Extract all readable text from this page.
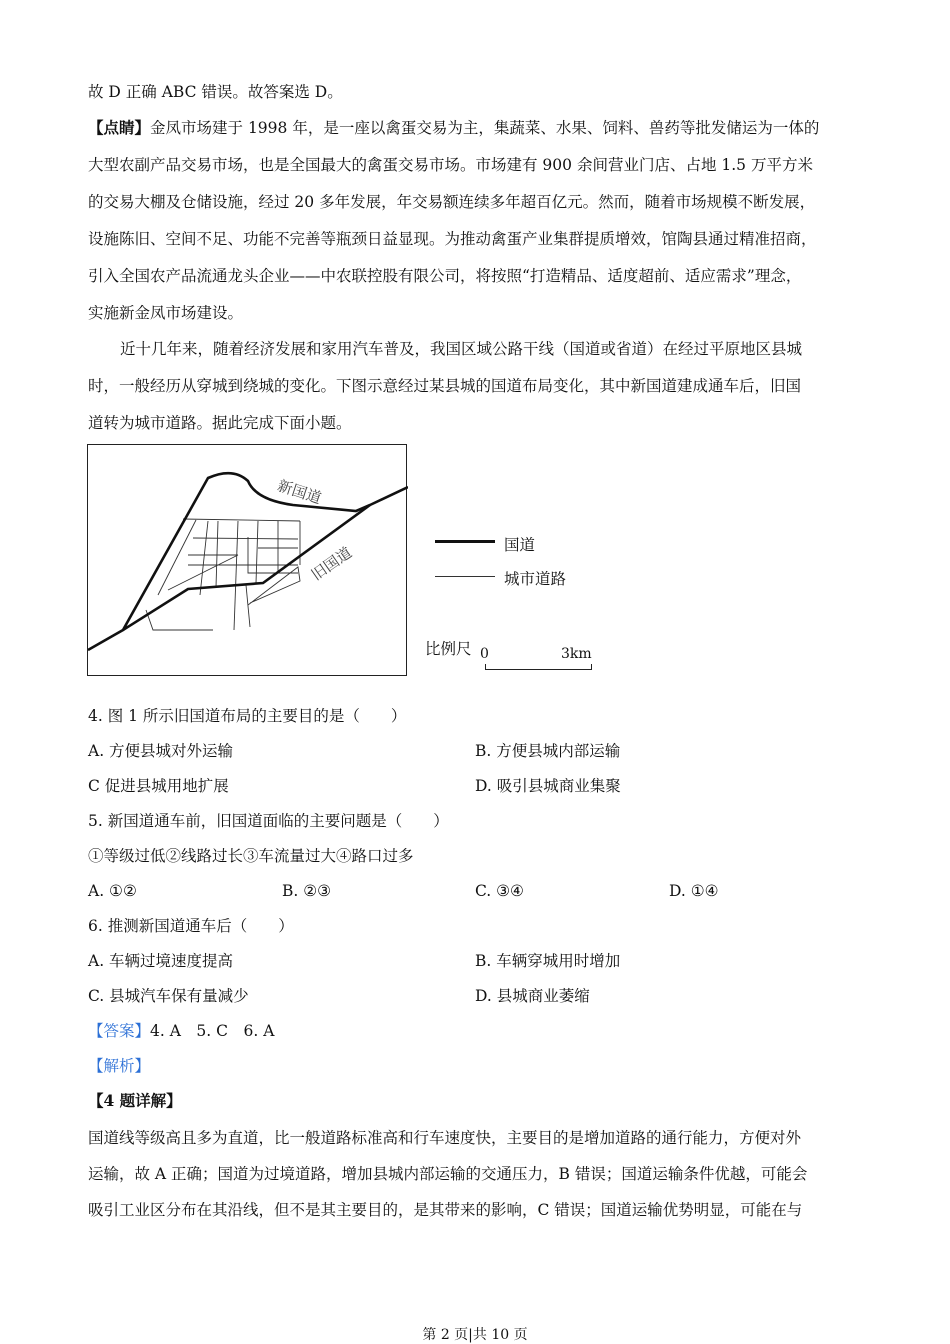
故 D 正确 ABC 错误。故答案选 D。
【点睛】金凤市场建于 1998 年，是一座以禽蛋交易为主，集蔬菜、水果、饲料、兽药等批发储运为一体的
大型农副产品交易市场，也是全国最大的禽蛋交易市场。市场建有 900 余间营业门店、占地 1.5 万平方米
的交易大棚及仓储设施，经过 20 多年发展，年交易额连续多年超百亿元。然而，随着市场规模不断发展，
设施陈旧、空间不足、功能不完善等瓶颈日益显现。为推动禽蛋产业集群提质增效，馆陶县通过精准招商，
引入全国农产品流通龙头企业——中农联控股有限公司，将按照“打造精品、适度超前、适应需求”理念，
实施新金凤市场建设。
近十几年来，随着经济发展和家用汽车普及，我国区域公路干线（国道或省道）在经过平原地区县城
时，一般经历从穿城到绕城的变化。下图示意经过某县城的国道布局变化，其中新国道建成通车后，旧国
道转为城市道路。据此完成下面小题。
新国道
旧国道	国道
城市道路
比例尺 0	3km
4. 图 1 所示旧国道布局的主要目的是（　　）
A. 方便县城对外运输	B. 方便县城内部运输
C 促进县城用地扩展	D. 吸引县城商业集聚
5. 新国道通车前，旧国道面临的主要问题是（　　）
①等级过低②线路过长③车流量过大④路口过多
A. ①②	B. ②③	C. ③④	D. ①④
6. 推测新国道通车后（　　）
A. 车辆过境速度提高	B. 车辆穿城用时增加
C. 县城汽车保有量减少	D. 县城商业萎缩
【答案】4. A　5. C　6. A
【解析】
【4 题详解】
国道线等级高且多为直道，比一般道路标准高和行车速度快，主要目的是增加道路的通行能力，方便对外
运输，故 A 正确；国道为过境道路，增加县城内部运输的交通压力，B 错误；国道运输条件优越，可能会
吸引工业区分布在其沿线，但不是其主要目的，是其带来的影响，C 错误；国道运输优势明显，可能在与
第 2 页|共 10 页
